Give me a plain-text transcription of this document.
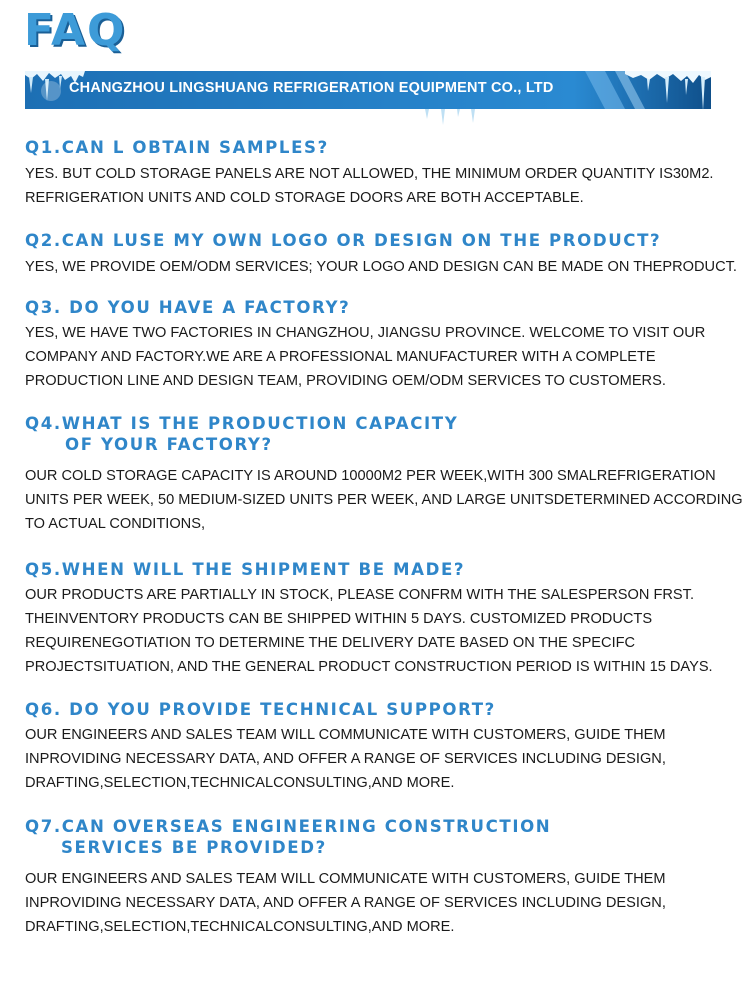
FAQ
CHANGZHOU LINGSHUANG REFRIGERATION EQUIPMENT CO., LTD

Q1.CAN L OBTAIN SAMPLES?

YES. BUT COLD STORAGE PANELS ARE NOT ALLOWED, THE MINIMUM ORDER QUANTITY IS30M2.
REFRIGERATION UNITS AND COLD STORAGE DOORS ARE BOTH ACCEPTABLE.

Q2.CAN LUSE MY OWN LOGO OR DESIGN ON THE PRODUCT?

YES, WE PROVIDE OEM/ODM SERVICES; YOUR LOGO AND DESIGN CAN BE MADE ON THEPRODUCT.

Q3. DO YOU HAVE A FACTORY?

YES, WE HAVE TWO FACTORIES IN CHANGZHOU, JIANGSU PROVINCE. WELCOME TO VISIT OUR
COMPANY AND FACTORY.WE ARE A PROFESSIONAL MANUFACTURER WITH A COMPLETE
PRODUCTION LINE AND DESIGN TEAM, PROVIDING OEM/ODM SERVICES TO CUSTOMERS.

Q4.WHAT IS THE PRODUCTION CAPACITY
OF YOUR FACTORY?

OUR COLD STORAGE CAPACITY IS AROUND 10000M2 PER WEEK,WITH 300 SMALREFRIGERATION
UNITS PER WEEK, 50 MEDIUM-SIZED UNITS PER WEEK, AND LARGE UNITSDETERMINED ACCORDING
TO ACTUAL CONDITIONS,

Q5.WHEN WILL THE SHIPMENT BE MADE?

OUR PRODUCTS ARE PARTIALLY IN STOCK, PLEASE CONFRM WITH THE SALESPERSON FRST.
THEINVENTORY PRODUCTS CAN BE SHIPPED WITHIN 5 DAYS. CUSTOMIZED PRODUCTS
REQUIRENEGOTIATION TO DETERMINE THE DELIVERY DATE BASED ON THE SPECIFC
PROJECTSITUATION, AND THE GENERAL PRODUCT CONSTRUCTION PERIOD IS WITHIN 15 DAYS.

Q6. DO YOU PROVIDE TECHNICAL SUPPORT?

OUR ENGINEERS AND SALES TEAM WILL COMMUNICATE WITH CUSTOMERS, GUIDE THEM
INPROVIDING NECESSARY DATA, AND OFFER A RANGE OF SERVICES INCLUDING DESIGN,
DRAFTING,SELECTION,TECHNICALCONSULTING,AND MORE.

Q7.CAN OVERSEAS ENGINEERING CONSTRUCTION
SERVICES BE PROVIDED?

OUR ENGINEERS AND SALES TEAM WILL COMMUNICATE WITH CUSTOMERS, GUIDE THEM
INPROVIDING NECESSARY DATA, AND OFFER A RANGE OF SERVICES INCLUDING DESIGN,
DRAFTING,SELECTION,TECHNICALCONSULTING,AND MORE.
